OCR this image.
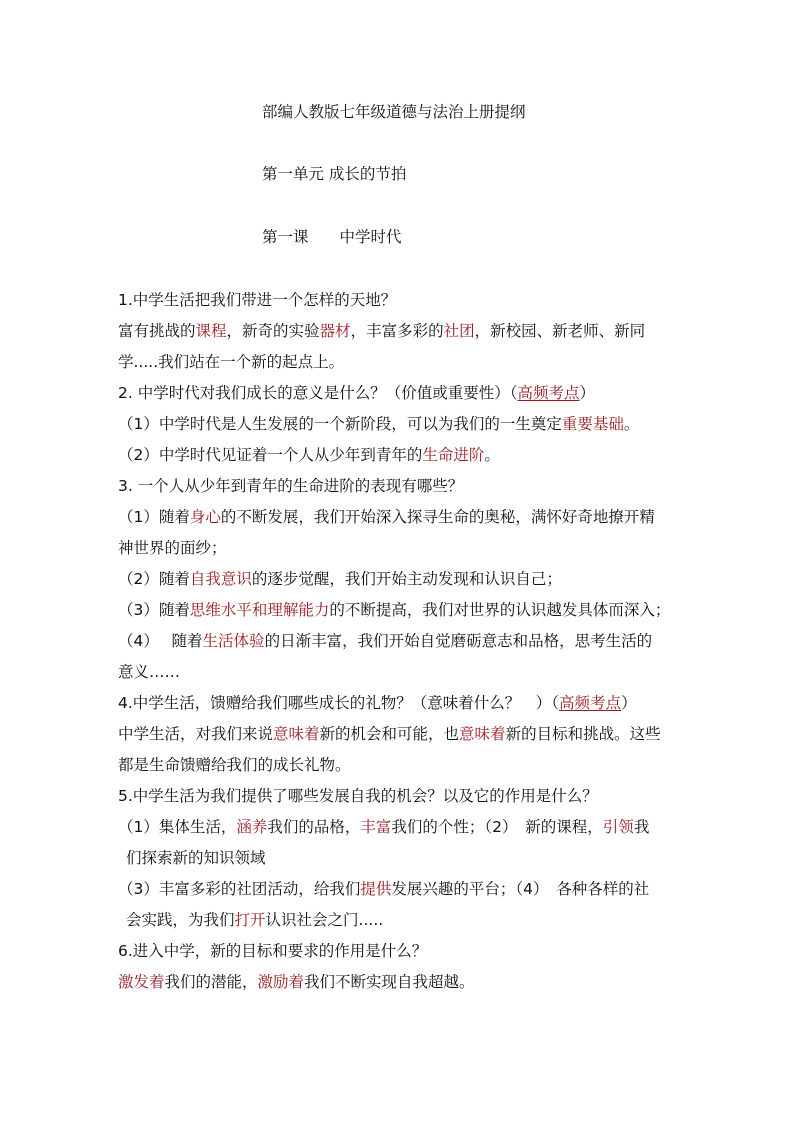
部编人教版七年级道德与法治上册提纲
第一单元 成长的节拍
第一课　　中学时代
1.中学生活把我们带进一个怎样的天地？
富有挑战的课程，新奇的实验器材，丰富多彩的社团，新校园、新老师、新同
学.....我们站在一个新的起点上。
2. 中学时代对我们成长的意义是什么？（价值或重要性）（高频考点）
（1）中学时代是人生发展的一个新阶段，可以为我们的一生奠定重要基础。
（2）中学时代见证着一个人从少年到青年的生命进阶。
3. 一个人从少年到青年的生命进阶的表现有哪些？
（1）随着身心的不断发展，我们开始深入探寻生命的奥秘，满怀好奇地撩开精
神世界的面纱；
（2）随着自我意识的逐步觉醒，我们开始主动发现和认识自己；
（3）随着思维水平和理解能力的不断提高，我们对世界的认识越发具体而深入；
（4）　 随着生活体验的日渐丰富，我们开始自觉磨砺意志和品格，思考生活的
意义……
4.中学生活，馈赠给我们哪些成长的礼物？（意味着什么？　）（高频考点）
中学生活，对我们来说意味着新的机会和可能，也意味着新的目标和挑战。这些
都是生命馈赠给我们的成长礼物。
5.中学生活为我们提供了哪些发展自我的机会？以及它的作用是什么？
（1）集体生活，涵养我们的品格，丰富我们的个性；（2）　新的课程，引领我
们探索新的知识领域
（3）丰富多彩的社团活动，给我们提供发展兴趣的平台；（4）　各种各样的社
会实践，为我们打开认识社会之门.....
6.进入中学，新的目标和要求的作用是什么？
激发着我们的潜能，激励着我们不断实现自我超越。
